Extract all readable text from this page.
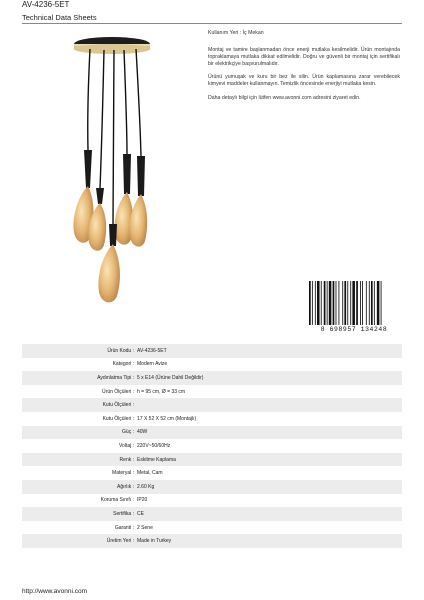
AV-4236-5ET
Technical Data Sheets

Kullanım Yeri : İç Mekan

Montaj ve tamire başlanmadan önce enerji mutlaka kesilmelidir. Ürün montajında topraklamaya mutlaka dikkat edilmelidir. Doğru ve güvenli bir montaj için sertifikalı bir elektrikçiye başvurulmalıdır.

Ürünü yumuşak ve kuru bir bez ile silin. Ürün kaplamasına zarar verebilecek kimyevi maddeler kullanmayın. Temizlik öncesinde enerjiyi mutlaka kesin.

Daha detaylı bilgi için lütfen www.avonni.com adresini ziyaret edin.

8 698957 134248
Ürün Kodu :	AV-4236-5ET
Kategori :	Modern Avize
Aydınlatma Tipi :	5 x E14 (Ürüne Dahil Değildir)
Ürün Ölçüleri :	h = 95 cm, Ø = 33 cm
Kutu Ölçüleri :	
Kutu Ölçüleri :	17 X 52 X 52 cm (Montajlı)
Güç :	40W
Voltaj :	220V~50/60Hz
Renk :	Eskitme Kaplama
Materyal :	Metal, Cam
Ağırlık :	2.60 Kg
Koruma Sınıfı :	IP20
Sertifika :	CE
Garanti :	2 Sene
Üretim Yeri :	Made in Turkey
http://www.avonni.com
